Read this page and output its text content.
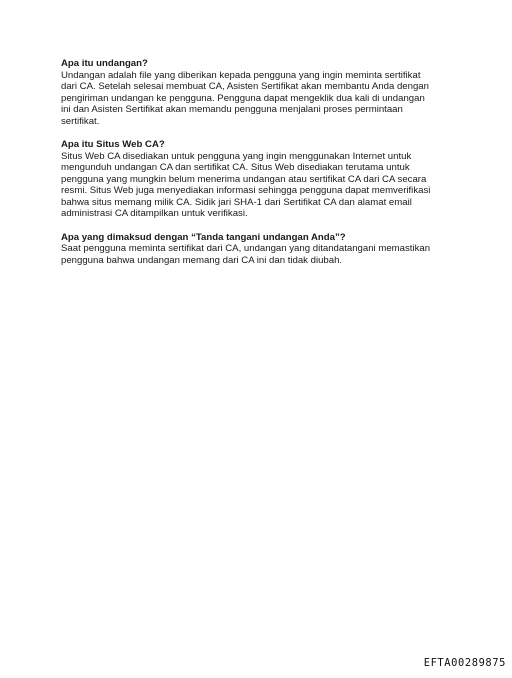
Apa itu undangan?

Undangan adalah file yang diberikan kepada pengguna yang ingin meminta sertifikat
dari CA. Setelah selesai membuat CA, Asisten Sertifikat akan membantu Anda dengan
pengiriman undangan ke pengguna. Pengguna dapat mengeklik dua kali di undangan
ini dan Asisten Sertifikat akan memandu pengguna menjalani proses permintaan
sertifikat.

Apa itu Situs Web CA?

Situs Web CA disediakan untuk pengguna yang ingin menggunakan Internet untuk
mengunduh undangan CA dan sertifikat CA. Situs Web disediakan terutama untuk
pengguna yang mungkin belum menerima undangan atau sertifikat CA dari CA secara
resmi. Situs Web juga menyediakan informasi sehingga pengguna dapat memverifikasi
bahwa situs memang milik CA. Sidik jari SHA-1 dari Sertifikat CA dan alamat email
administrasi CA ditampilkan untuk verifikasi.

Apa yang dimaksud dengan “Tanda tangani undangan Anda”?

Saat pengguna meminta sertifikat dari CA, undangan yang ditandatangani memastikan
pengguna bahwa undangan memang dari CA ini dan tidak diubah.

EFTA00289875
